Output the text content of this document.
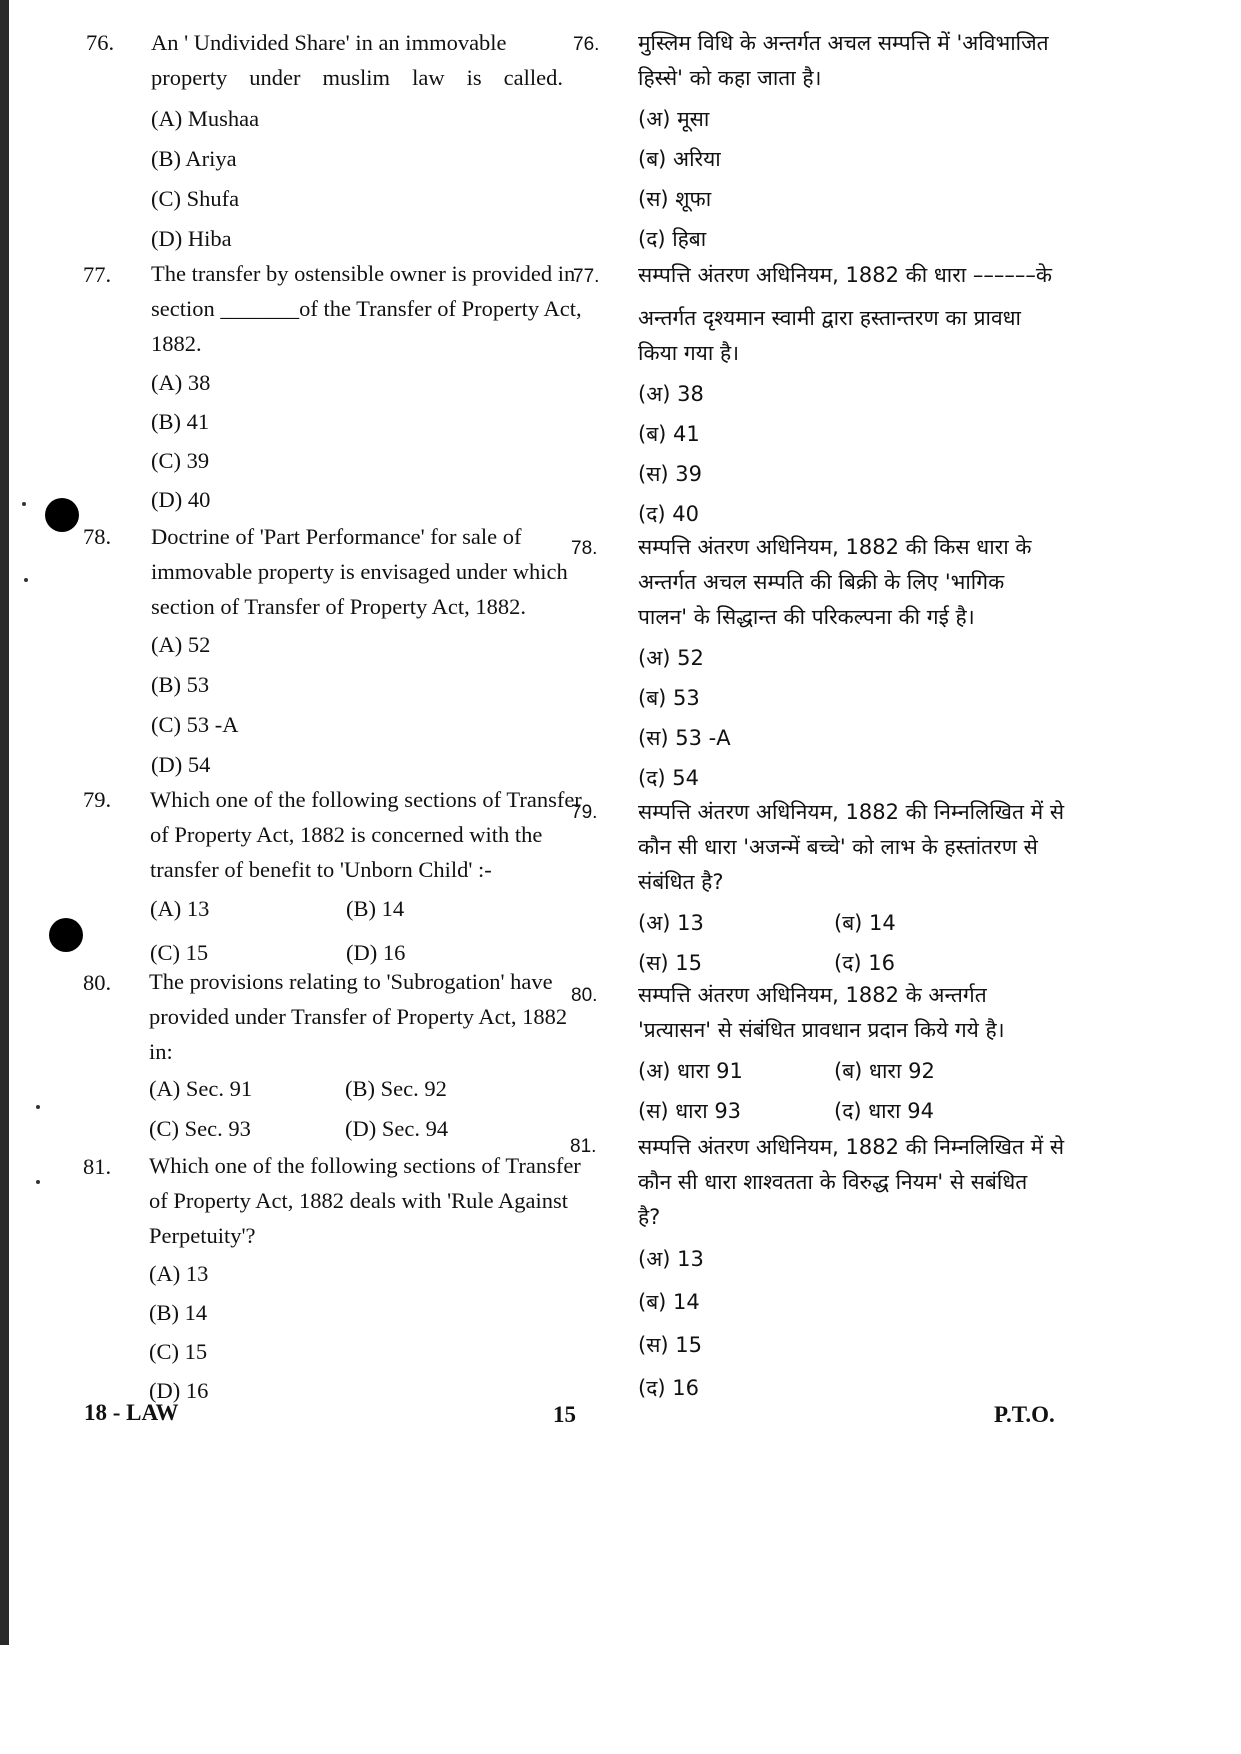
76. An ' Undivided Share' in an immovable
property under muslim law is called.
(A) Mushaa
(B) Ariya
(C) Shufa
(D) Hiba
76. मुस्लिम विधि के अन्तर्गत अचल सम्पत्ति में 'अविभाजित
हिस्से' को कहा जाता है।
(अ) मूसा
(ब) अरिया
(स) शूफा
(द) हिबा
77. The transfer by ostensible owner is provided in
section _______of the Transfer of Property Act,
1882.
(A) 38
(B) 41
(C) 39
(D) 40
77. सम्पत्ति अंतरण अधिनियम, 1882 की धारा ––––––के
अन्तर्गत दृश्यमान स्वामी द्वारा हस्तान्तरण का प्रावधा
किया गया है।
(अ) 38
(ब) 41
(स) 39
(द) 40
78. Doctrine of 'Part Performance' for sale of
immovable property is envisaged under which
section of Transfer of Property Act, 1882.
(A) 52
(B) 53
(C) 53 -A
(D) 54
78. सम्पत्ति अंतरण अधिनियम, 1882 की किस धारा के
अन्तर्गत अचल सम्पति की बिक्री के लिए 'भागिक
पालन' के सिद्धान्त की परिकल्पना की गई है।
(अ) 52
(ब) 53
(स) 53 -A
(द) 54
79. Which one of the following sections of Transfer
of Property Act, 1882 is concerned with the
transfer of benefit to 'Unborn Child' :-
(A) 13	(B) 14
(C) 15	(D) 16
79. सम्पत्ति अंतरण अधिनियम, 1882 की निम्नलिखित में से
कौन सी धारा 'अजन्में बच्चे' को लाभ के हस्तांतरण से
संबंधित है?
(अ) 13	(ब) 14
(स) 15	(द) 16
80. The provisions relating to 'Subrogation' have
provided under Transfer of Property Act, 1882
in:
(A) Sec. 91	(B) Sec. 92
(C) Sec. 93	(D) Sec. 94
80. सम्पत्ति अंतरण अधिनियम, 1882 के अन्तर्गत
'प्रत्यासन' से संबंधित प्रावधान प्रदान किये गये है।
(अ) धारा 91	(ब) धारा 92
(स) धारा 93	(द) धारा 94
81. Which one of the following sections of Transfer
of Property Act, 1882 deals with 'Rule Against
Perpetuity'?
(A) 13
(B) 14
(C) 15
(D) 16
81. सम्पत्ति अंतरण अधिनियम, 1882 की निम्नलिखित में से
कौन सी धारा शाश्वतता के विरुद्ध नियम' से सबंधित
है?
(अ) 13
(ब) 14
(स) 15
(द) 16
18 - LAW	15	P.T.O.
